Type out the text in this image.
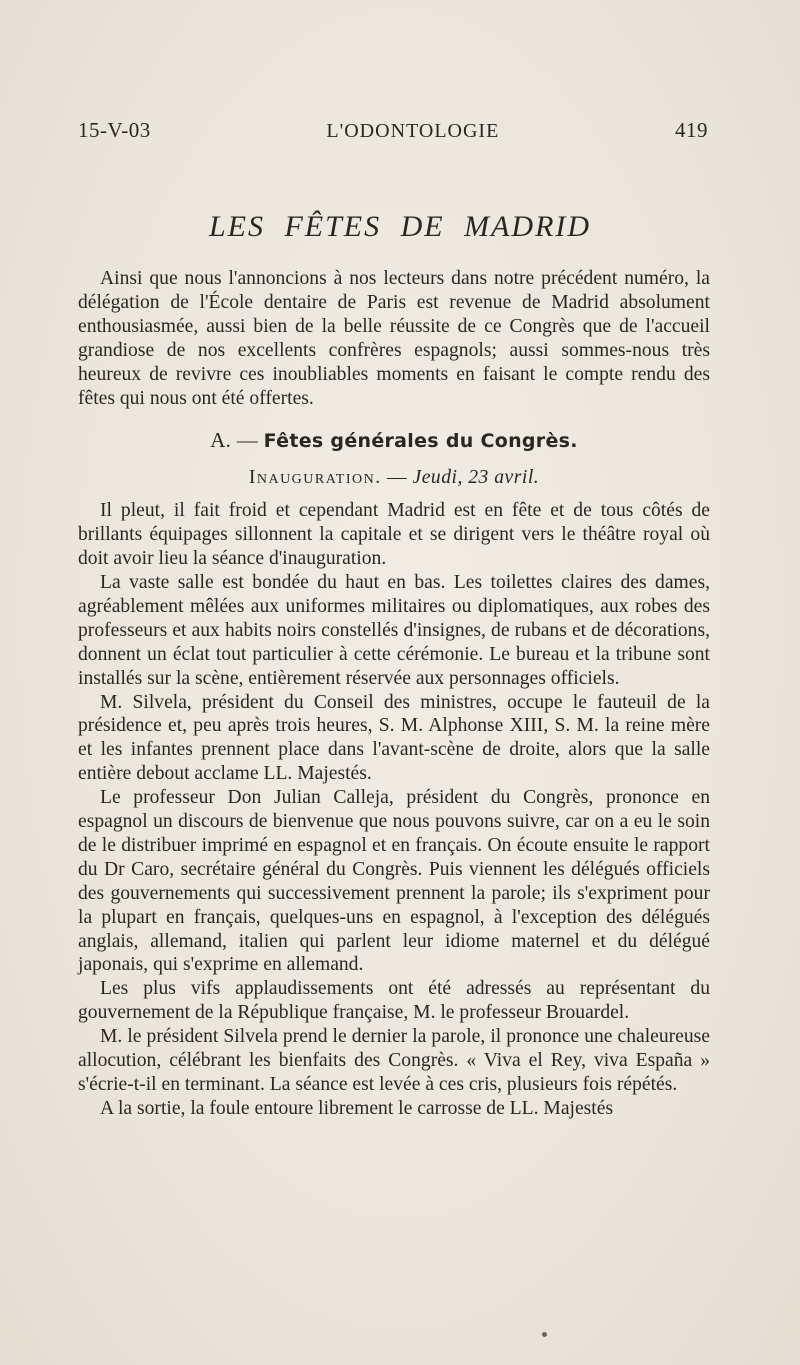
15-V-03	L'ODONTOLOGIE	419
LES FÊTES DE MADRID

Ainsi que nous l'annoncions à nos lecteurs dans notre précédent numéro, la délégation de l'École dentaire de Paris est revenue de Madrid absolument enthousiasmée, aussi bien de la belle réussite de ce Congrès que de l'accueil grandiose de nos excellents confrères espagnols; aussi sommes-nous très heureux de revivre ces inoubliables moments en faisant le compte rendu des fêtes qui nous ont été offertes.

A. — Fêtes générales du Congrès.
Inauguration. — Jeudi, 23 avril.

Il pleut, il fait froid et cependant Madrid est en fête et de tous côtés de brillants équipages sillonnent la capitale et se dirigent vers le théâtre royal où doit avoir lieu la séance d'inauguration.

La vaste salle est bondée du haut en bas. Les toilettes claires des dames, agréablement mêlées aux uniformes militaires ou diplomatiques, aux robes des professeurs et aux habits noirs constellés d'insignes, de rubans et de décorations, donnent un éclat tout particulier à cette cérémonie. Le bureau et la tribune sont installés sur la scène, entièrement réservée aux personnages officiels.

M. Silvela, président du Conseil des ministres, occupe le fauteuil de la présidence et, peu après trois heures, S. M. Alphonse XIII, S. M. la reine mère et les infantes prennent place dans l'avant-scène de droite, alors que la salle entière debout acclame LL. Majestés.

Le professeur Don Julian Calleja, président du Congrès, prononce en espagnol un discours de bienvenue que nous pouvons suivre, car on a eu le soin de le distribuer imprimé en espagnol et en français. On écoute ensuite le rapport du Dr Caro, secrétaire général du Congrès. Puis viennent les délégués officiels des gouvernements qui successivement prennent la parole; ils s'expriment pour la plupart en français, quelques-uns en espagnol, à l'exception des délégués anglais, allemand, italien qui parlent leur idiome maternel et du délégué japonais, qui s'exprime en allemand.

Les plus vifs applaudissements ont été adressés au représentant du gouvernement de la République française, M. le professeur Brouardel.

M. le président Silvela prend le dernier la parole, il prononce une chaleureuse allocution, célébrant les bienfaits des Congrès. « Viva el Rey, viva España » s'écrie-t-il en terminant. La séance est levée à ces cris, plusieurs fois répétés.

A la sortie, la foule entoure librement le carrosse de LL. Majestés
